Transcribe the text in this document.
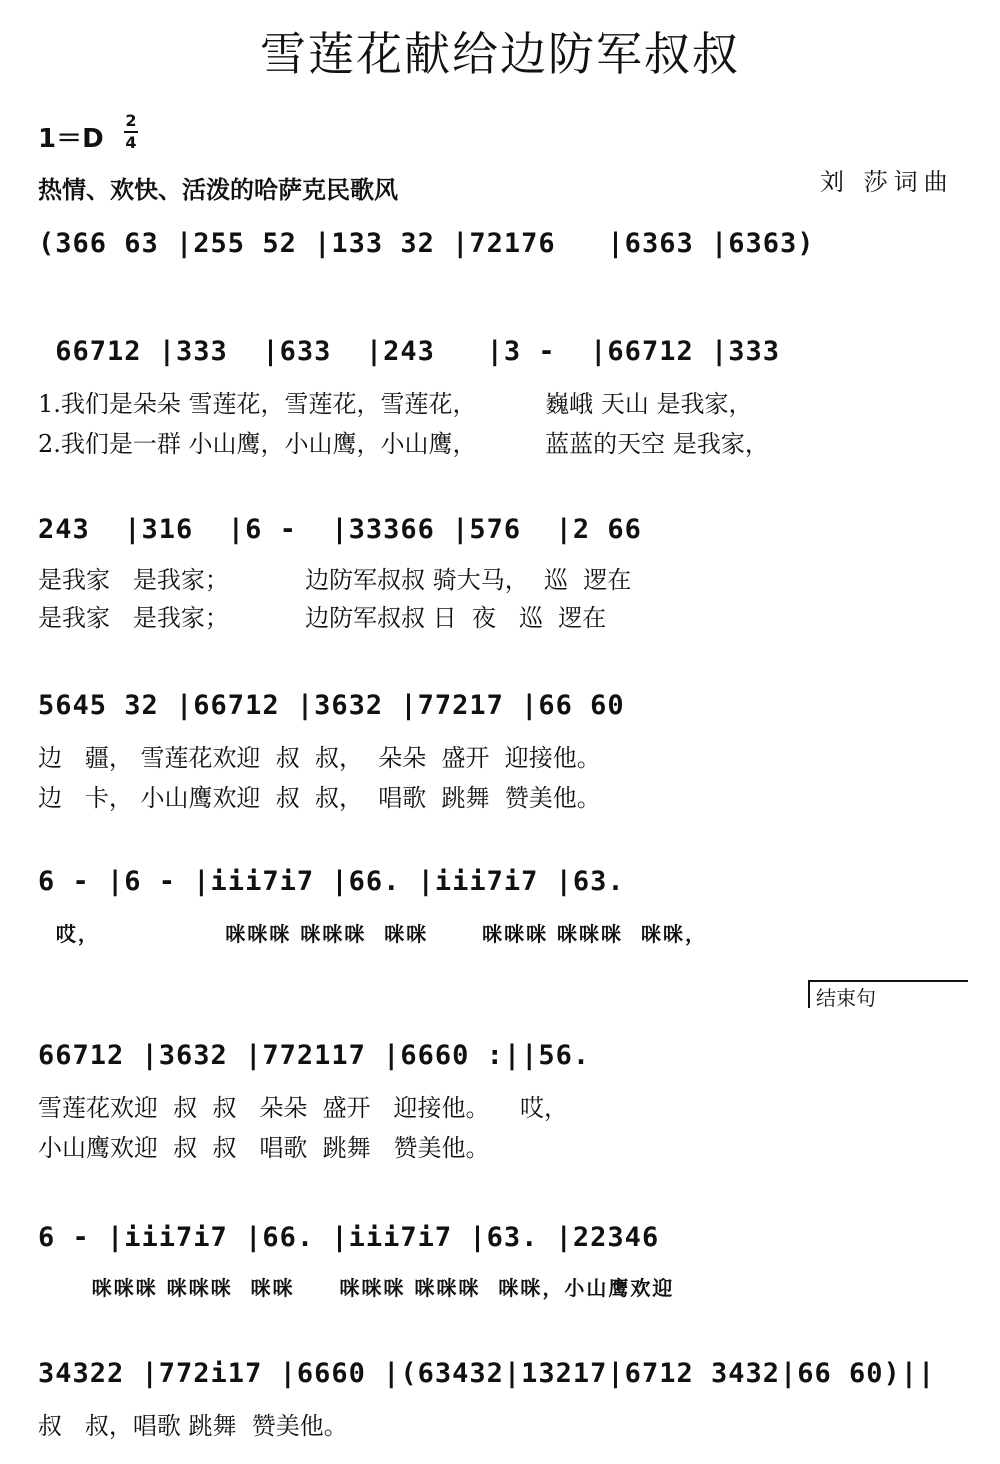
雪莲花献给边防军叔叔
1＝D
2
4
热情、欢快、活泼的哈萨克民歌风	刘 莎词曲
(366 63 |255 52 |133 32 |72176   |6363 |6363)
66712 |333  |633  |243   |3 -  |66712 |333
1.我们是朵朵 雪莲花，雪莲花，雪莲花，         巍峨 天山 是我家，
2.我们是一群 小山鹰，小山鹰，小山鹰，         蓝蓝的天空 是我家，
243  |316  |6 -  |33366 |576  |2 66
是我家   是我家；          边防军叔叔 骑大马，  巡  逻在
是我家   是我家；          边防军叔叔 日  夜   巡  逻在
5645 32 |66712 |3632 |77217 |66 60
边   疆， 雪莲花欢迎  叔  叔，  朵朵  盛开  迎接他。
边   卡， 小山鹰欢迎  叔  叔，  唱歌  跳舞  赞美他。
6 - |6 - |iii7i7 |66. |iii7i7 |63.
哎，              咪咪咪 咪咪咪  咪咪      咪咪咪 咪咪咪  咪咪，
结束句
66712 |3632 |772117 |6660 :||56.
雪莲花欢迎  叔  叔   朵朵  盛开   迎接他。    哎，
小山鹰欢迎  叔  叔   唱歌  跳舞   赞美他。
6 - |iii7i7 |66. |iii7i7 |63. |22346
咪咪咪 咪咪咪  咪咪     咪咪咪 咪咪咪  咪咪，小山鹰欢迎
34322 |772i17 |6660 |(63432|13217|6712 3432|66 60)||
叔   叔，唱歌 跳舞  赞美他。
